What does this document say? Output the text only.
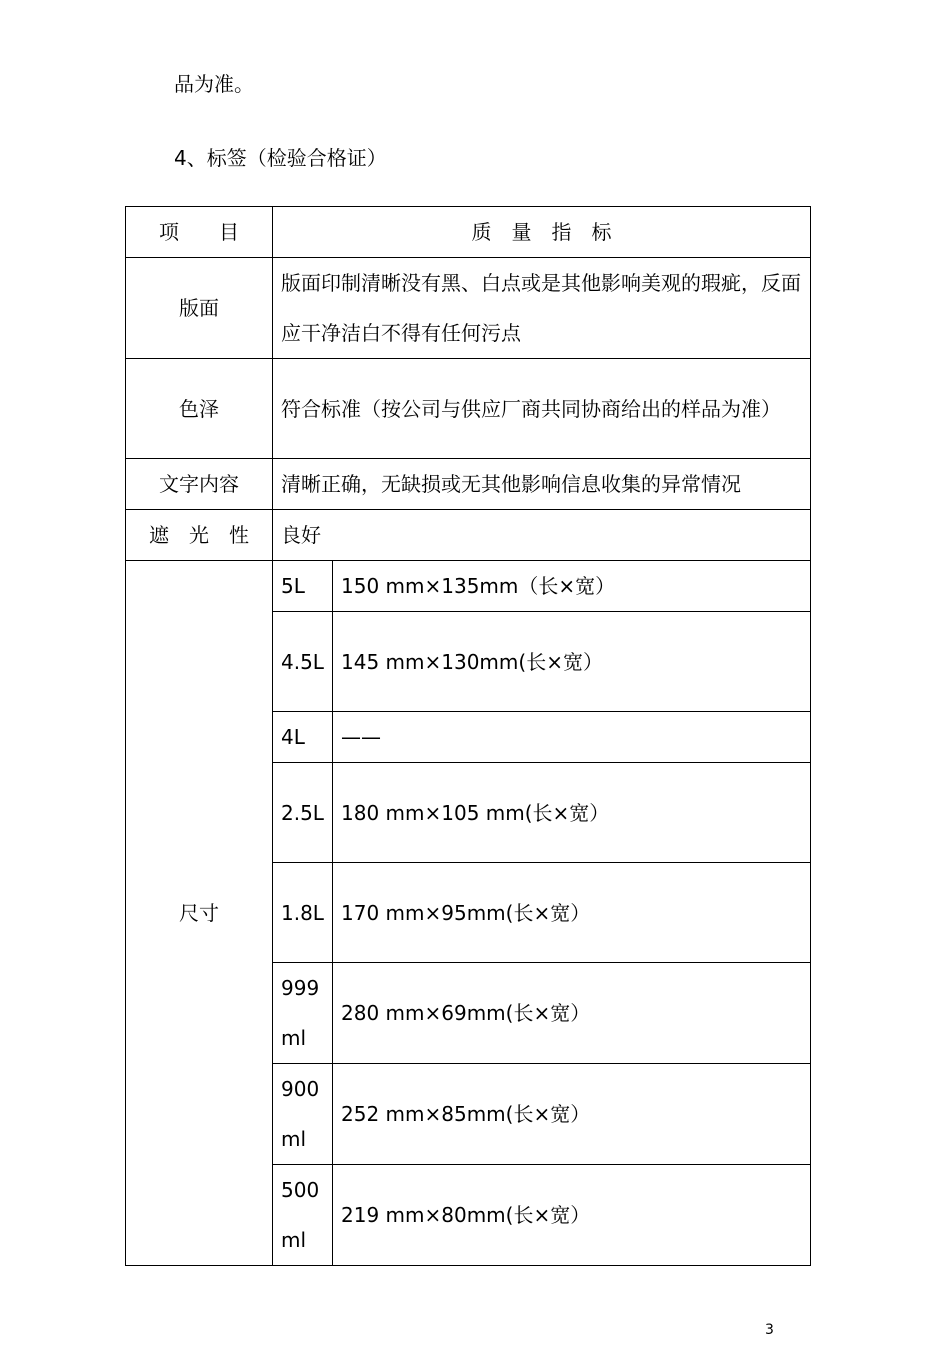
品为准。
4、标签（检验合格证）
项　　目	质　量　指　标	
版面	版面印制清晰没有黑、白点或是其他影响美观的瑕疵，反面应干净洁白不得有任何污点	
色泽	符合标准（按公司与供应厂商共同协商给出的样品为准）	
文字内容	清晰正确，无缺损或无其他影响信息收集的异常情况	
遮　光　性	良好	
尺寸	5L	150 mm×135mm（长×宽）
	4.5L	145 mm×130mm(长×宽）
	4L	——
	2.5L	180 mm×105 mm(长×宽）
	1.8L	170 mm×95mm(长×宽）
	999ml	280 mm×69mm(长×宽）
	900ml	252 mm×85mm(长×宽）
	500ml	219 mm×80mm(长×宽）
3
